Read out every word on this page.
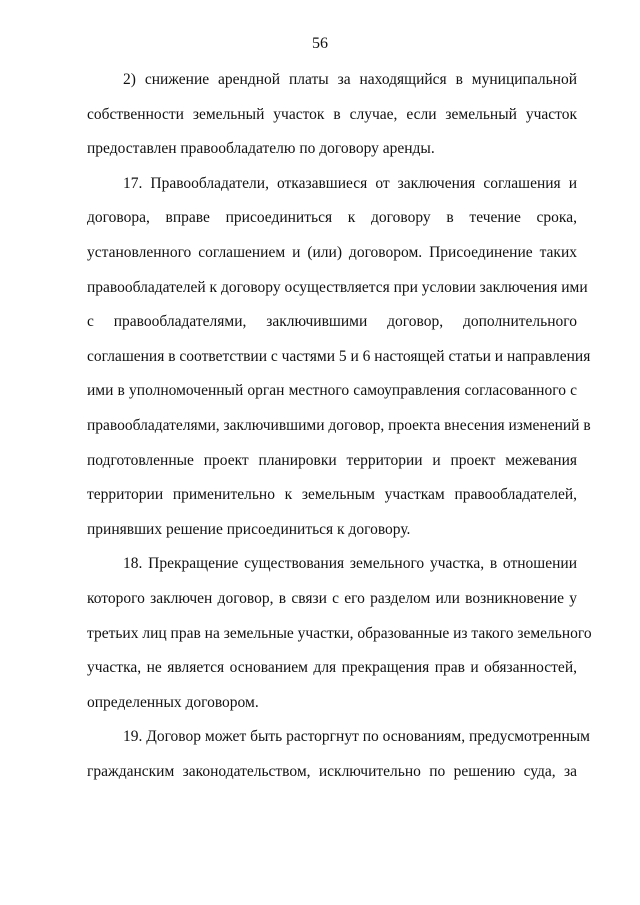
56
2) снижение арендной платы за находящийся в муниципальной
собственности земельный участок в случае, если земельный участок
предоставлен правообладателю по договору аренды.
17. Правообладатели, отказавшиеся от заключения соглашения и
договора, вправе присоединиться к договору в течение срока,
установленного соглашением и (или) договором. Присоединение таких
правообладателей к договору осуществляется при условии заключения ими
с правообладателями, заключившими договор, дополнительного
соглашения в соответствии с частями 5 и 6 настоящей статьи и направления
ими в уполномоченный орган местного самоуправления согласованного с
правообладателями, заключившими договор, проекта внесения изменений в
подготовленные проект планировки территории и проект межевания
территории применительно к земельным участкам правообладателей,
принявших решение присоединиться к договору.
18. Прекращение существования земельного участка, в отношении
которого заключен договор, в связи с его разделом или возникновение у
третьих лиц прав на земельные участки, образованные из такого земельного
участка, не является основанием для прекращения прав и обязанностей,
определенных договором.
19. Договор может быть расторгнут по основаниям, предусмотренным
гражданским законодательством, исключительно по решению суда, за
